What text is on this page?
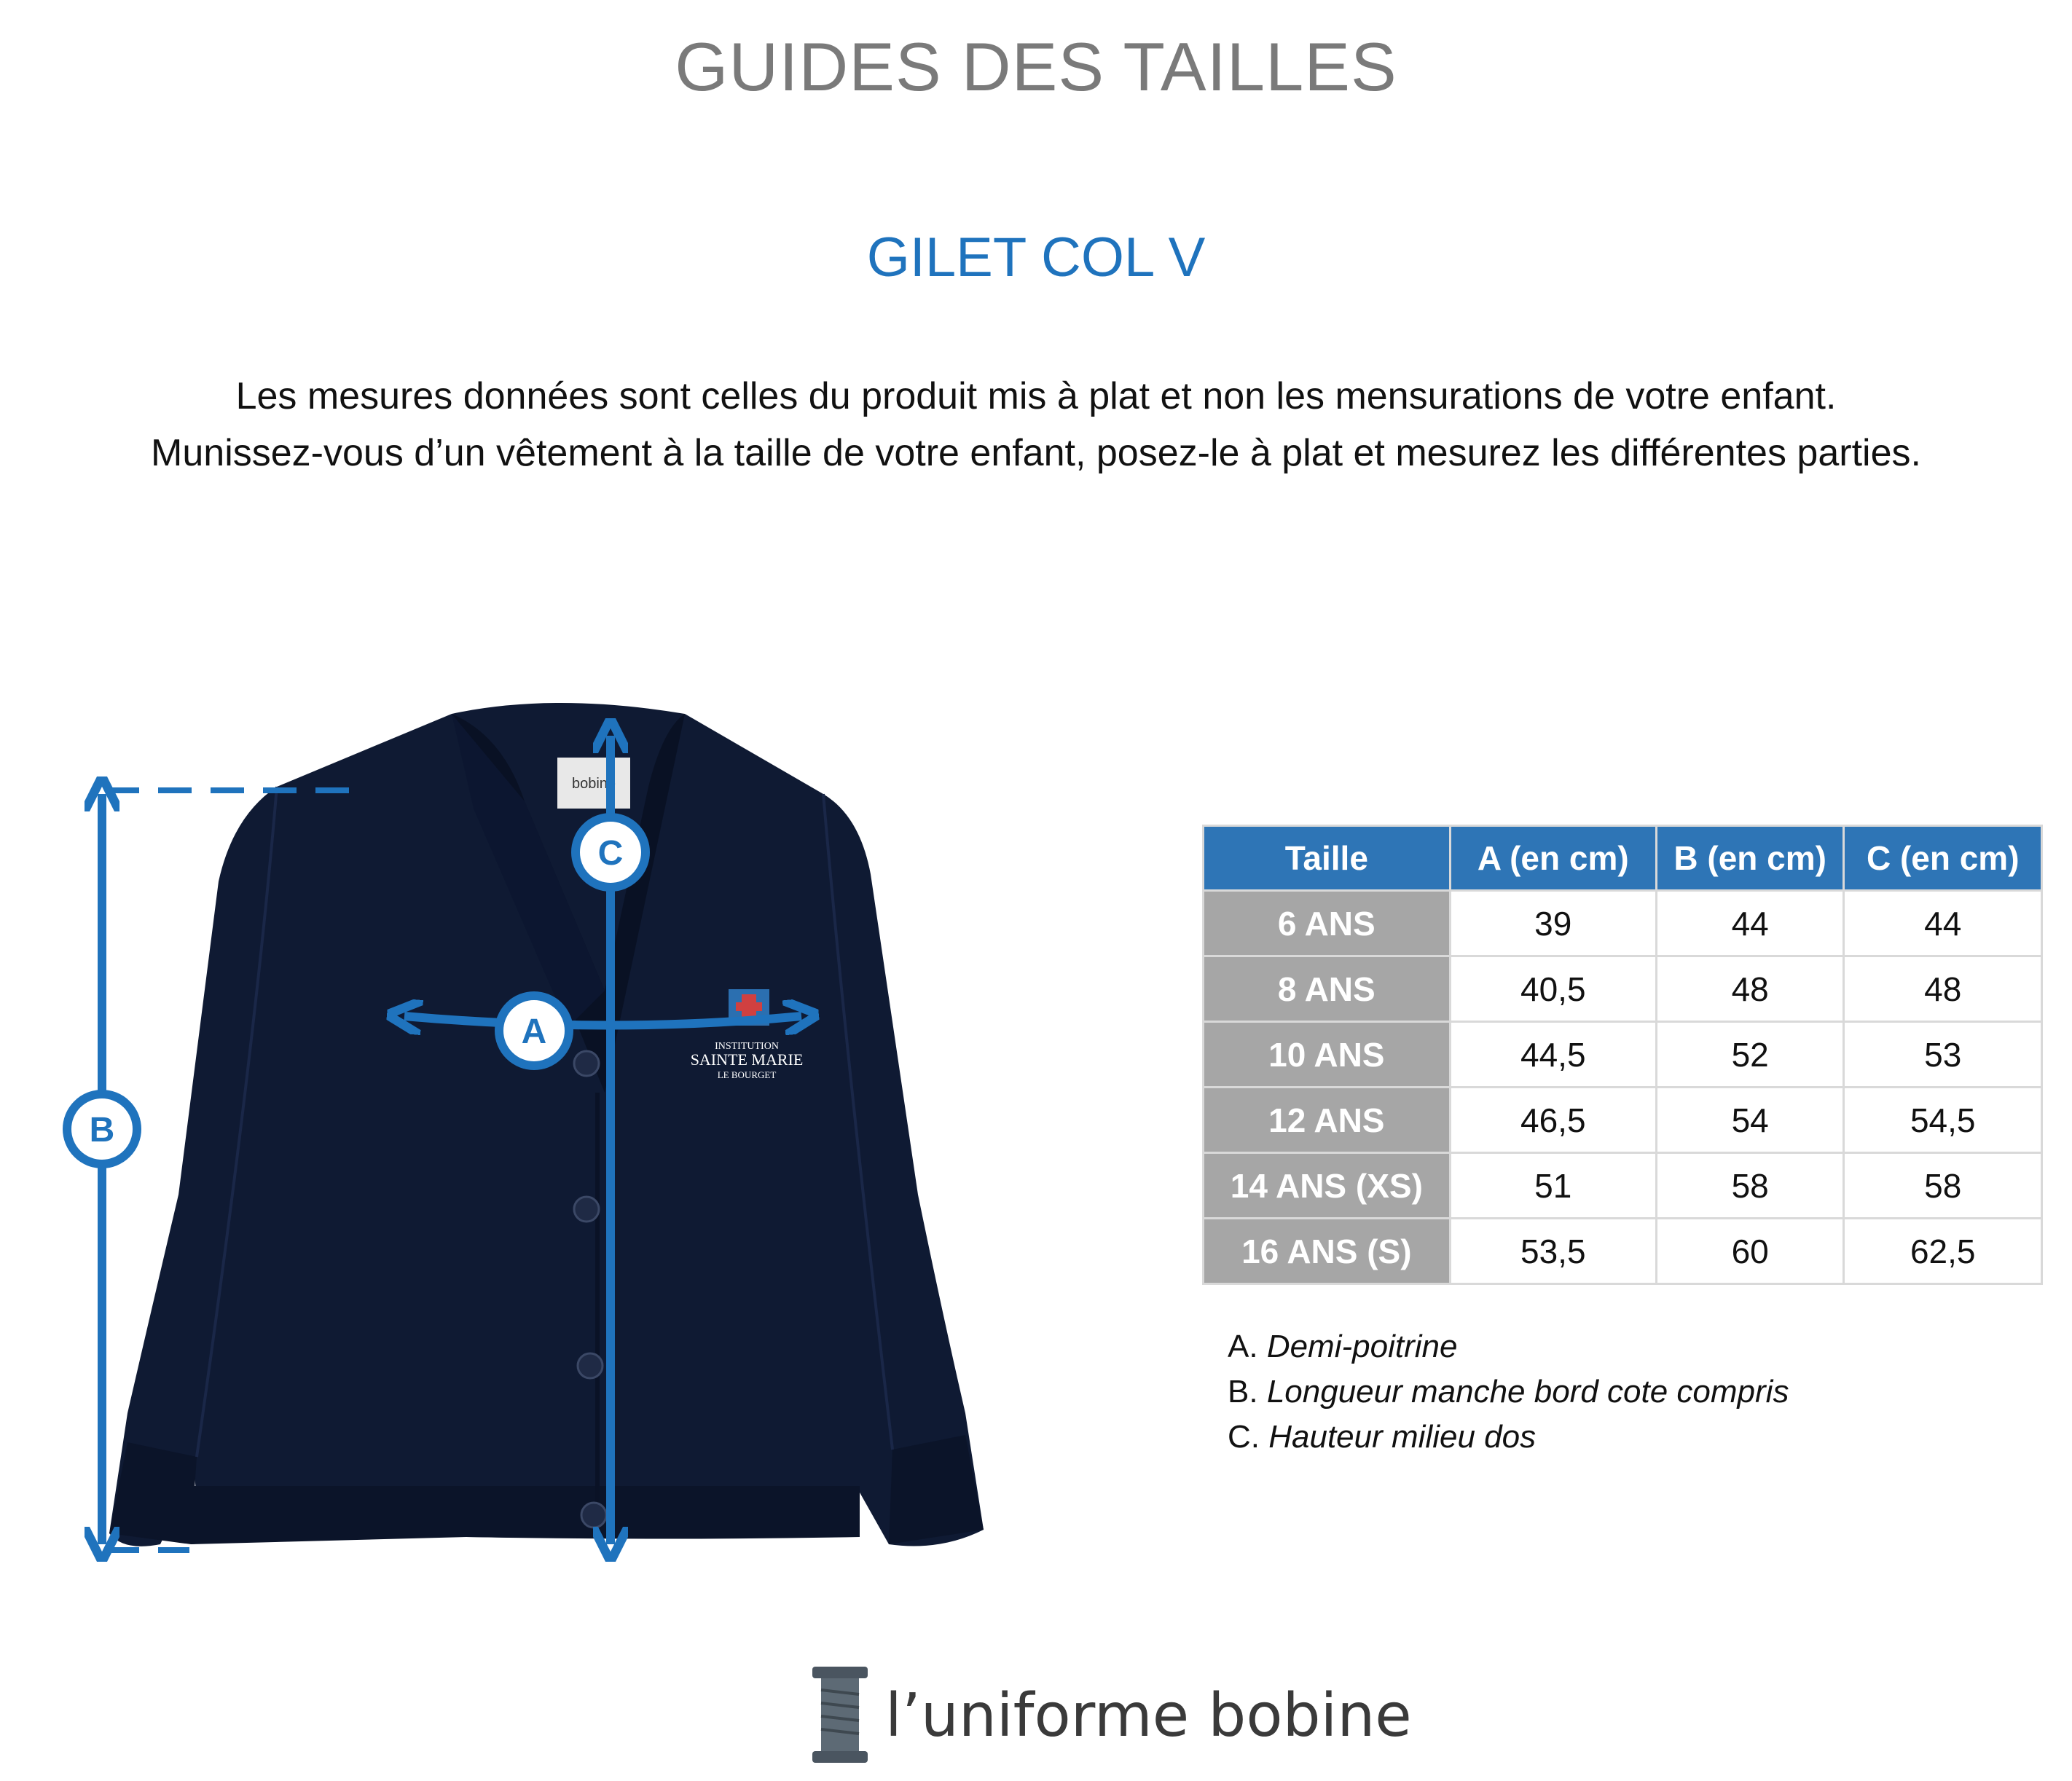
GUIDES DES TAILLES
GILET COL V

Les mesures données sont celles du produit mis à plat et non les mensurations de votre enfant.

Munissez-vous d’un vêtement à la taille de votre enfant, posez-le à plat et mesurez les différentes parties.

bobine
INSTITUTION
SAINTE MARIE
LE BOURGET
B
C
A
Taille	A (en cm)	B (en cm)	C (en cm)
6 ANS	39	44	44
8 ANS	40,5	48	48
10 ANS	44,5	52	53
12 ANS	46,5	54	54,5
14 ANS (XS)	51	58	58
16 ANS (S)	53,5	60	62,5
A. Demi-poitrine
B. Longueur manche bord cote compris
C. Hauteur milieu dos
l’uniforme bobine
